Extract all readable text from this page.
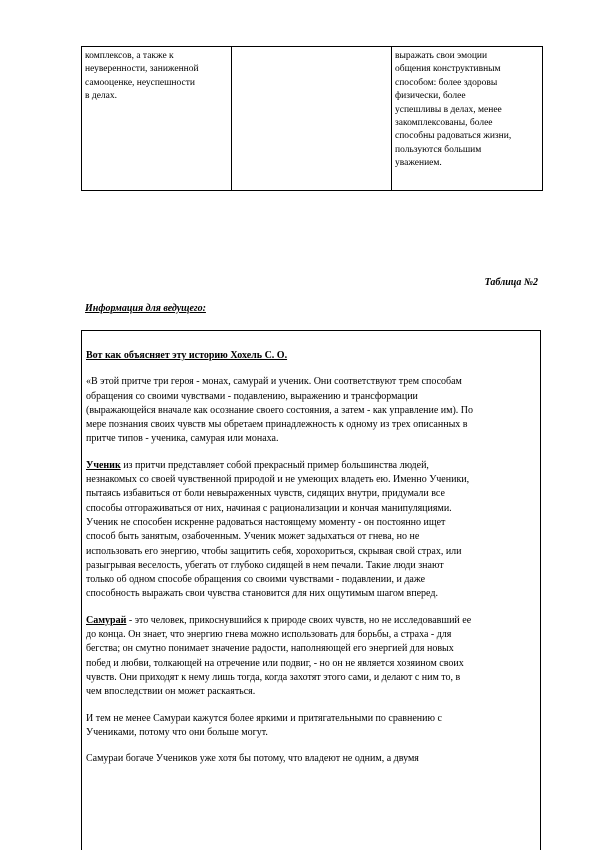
комплексов, а также к
неуверенности, заниженной
самооценке, неуспешности
в делах.
выражать свои эмоции
общения конструктивным
способом: более здоровы
физически, более
успешливы в делах, менее
закомплексованы, более
способны радоваться жизни,
пользуются большим
уважением.
Таблица №2
Информация для ведущего:

Вот как объясняет эту историю Хохель С. О.

«В этой притче три героя - монах, самурай и ученик. Они соответствуют трем способам
обращения со своими чувствами - подавлению, выражению и трансформации
(выражающейся вначале как осознание своего состояния, а затем - как управление им). По
мере познания своих чувств мы обретаем принадлежность к одному из трех описанных в
притче типов - ученика, самурая или монаха.

Ученик из притчи представляет собой прекрасный пример большинства людей,
незнакомых со своей чувственной природой и не умеющих владеть ею. Именно Ученики,
пытаясь избавиться от боли невыраженных чувств, сидящих внутри, придумали все
способы отгораживаться от них, начиная с рационализации и кончая манипуляциями.
Ученик не способен искренне радоваться настоящему моменту - он постоянно ищет
способ быть занятым, озабоченным. Ученик может задыхаться от гнева, но не
использовать его энергию, чтобы защитить себя, хорохориться, скрывая свой страх, или
разыгрывая веселость, убегать от глубоко сидящей в нем печали. Такие люди знают
только об одном способе обращения со своими чувствами - подавлении, и даже
способность выражать свои чувства становится для них ощутимым шагом вперед.

Самурай - это человек, прикоснувшийся к природе своих чувств, но не исследовавший ее
до конца. Он знает, что энергию гнева можно использовать для борьбы, а страха - для
бегства; он смутно понимает значение радости, наполняющей его энергией для новых
побед и любви, толкающей на отречение или подвиг, - но он не является хозяином своих
чувств. Они приходят к нему лишь тогда, когда захотят этого сами, и делают с ним то, в
чем впоследствии он может раскаяться.

И тем не менее Самураи кажутся более яркими и притягательными по сравнению с
Учениками, потому что они больше могут.

Самураи богаче Учеников уже хотя бы потому, что владеют не одним, а двумя
